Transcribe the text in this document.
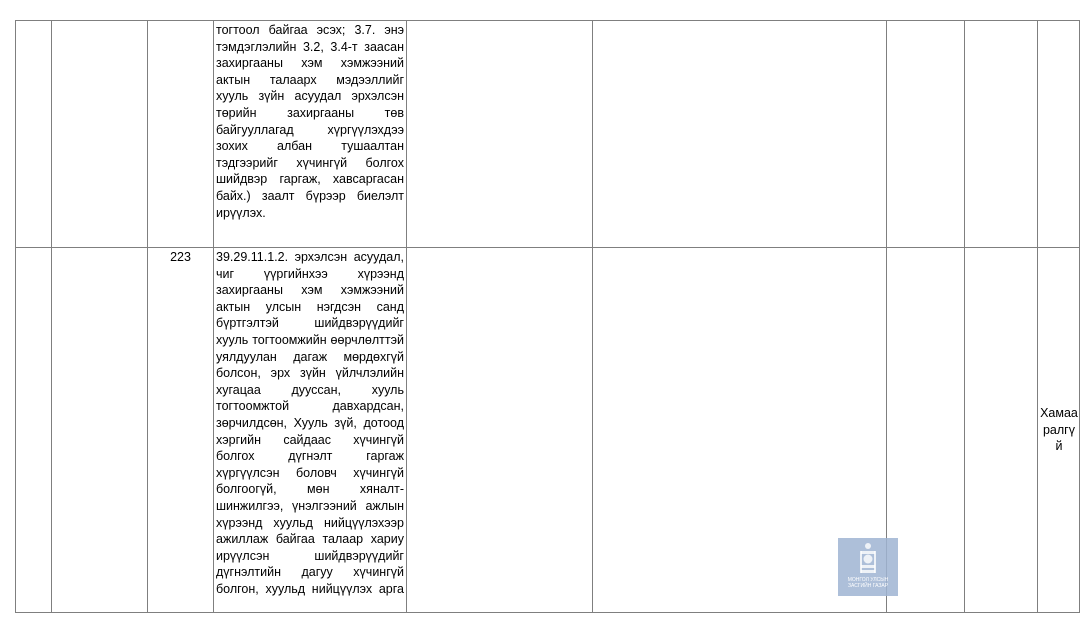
			тогтоол байгаа эсэх; 3.7. энэ тэмдэглэлийн 3.2, 3.4-т заасан захиргааны хэм хэмжээний актын талаарх мэдээллийг хууль зүйн асуудал эрхэлсэн төрийн захиргааны төв байгууллагад хүргүүлэхдээ зохих албан тушаалтан тэдгээрийг хүчингүй болгох шийдвэр гаргаж, хавсаргасан байх.) заалт бүрээр биелэлт ирүүлэх.					
		223	39.29.11.1.2. эрхэлсэн асуудал, чиг үүргийнхээ хүрээнд захиргааны хэм хэмжээний актын улсын нэгдсэн санд бүртгэлтэй шийдвэрүүдийг хууль тогтоомжийн өөрчлөлттэй уялдуулан дагаж мөрдөхгүй болсон, эрх зүйн үйлчлэлийн хугацаа дууссан, хууль тогтоомжтой давхардсан, зөрчилдсөн, Хууль зүй, дотоод хэргийн сайдаас хүчингүй болгох дүгнэлт гаргаж хүргүүлсэн боловч хүчингүй болгоогүй, мөн хяналт-шинжилгээ, үнэлгээний ажлын хүрээнд хуульд нийцүүлэхээр ажиллаж байгаа талаар хариу ирүүлсэн шийдвэрүүдийг дүгнэлтийн дагуу хүчингүй болгон, хуульд нийцүүлэх арга					Хамаа ралгү й
МОНГОЛ УЛСЫН
ЗАСГИЙН ГАЗАР
